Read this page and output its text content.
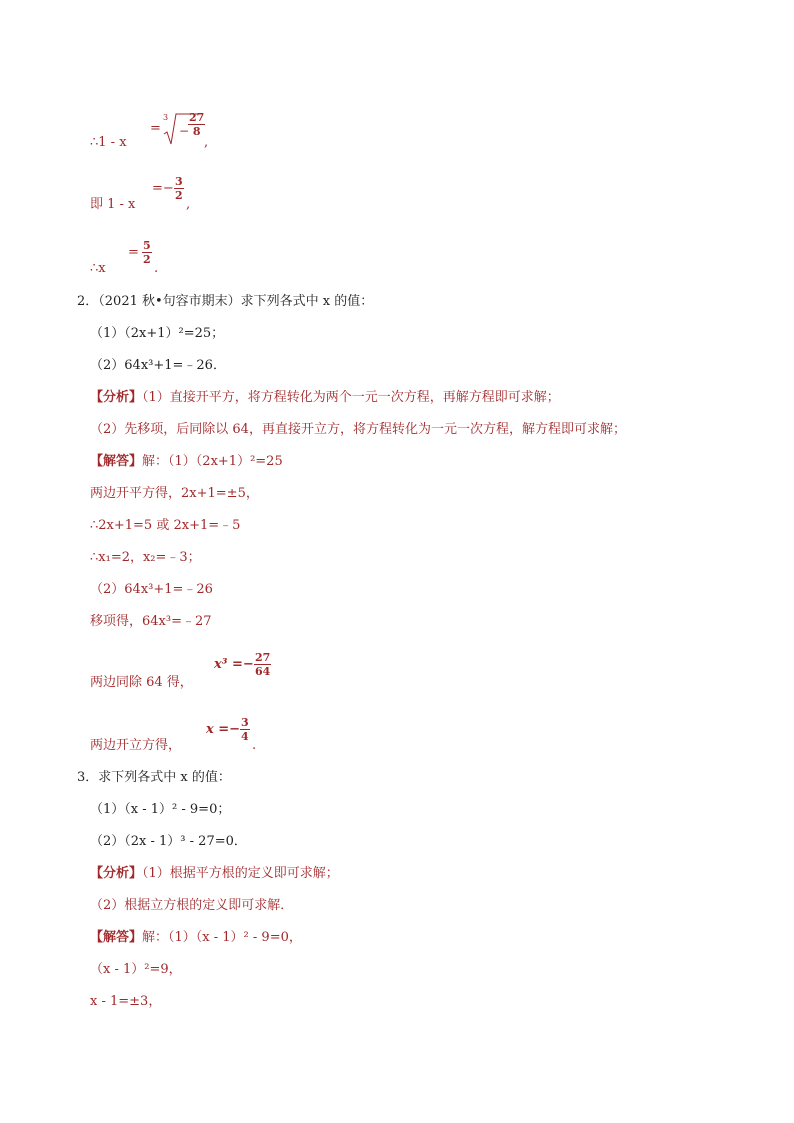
∴1 - x
=
3
−
$\frac{27}{8}$
,
即 1 - x
=− $\frac{3}{2}$
,
∴x
= $\frac{5}{2}$
.
2．（2021 秋•句容市期末）求下列各式中 x 的值：
（1）（2x+1）²=25；
（2）64x³+1=﹣26．
【分析】（1）直接开平方，将方程转化为两个一元一次方程，再解方程即可求解；
（2）先移项，后同除以 64，再直接开立方，将方程转化为一元一次方程，解方程即可求解；
【解答】解：（1）（2x+1）²=25
两边开平方得，2x+1=±5，
∴2x+1=5 或 2x+1=﹣5
∴x₁=2，x₂=﹣3；
（2）64x³+1=﹣26
移项得，64x³=﹣27
两边同除 64 得，
$x^3 =- \frac{27}{64}$
两边开立方得，
$x =- \frac{3}{4}$
.
3．求下列各式中 x 的值：
（1）（x - 1）² - 9=0；
（2）（2x - 1）³ - 27=0．
【分析】（1）根据平方根的定义即可求解；
（2）根据立方根的定义即可求解．
【解答】解：（1）（x - 1）² - 9=0，
（x - 1）²=9，
x - 1=±3，
